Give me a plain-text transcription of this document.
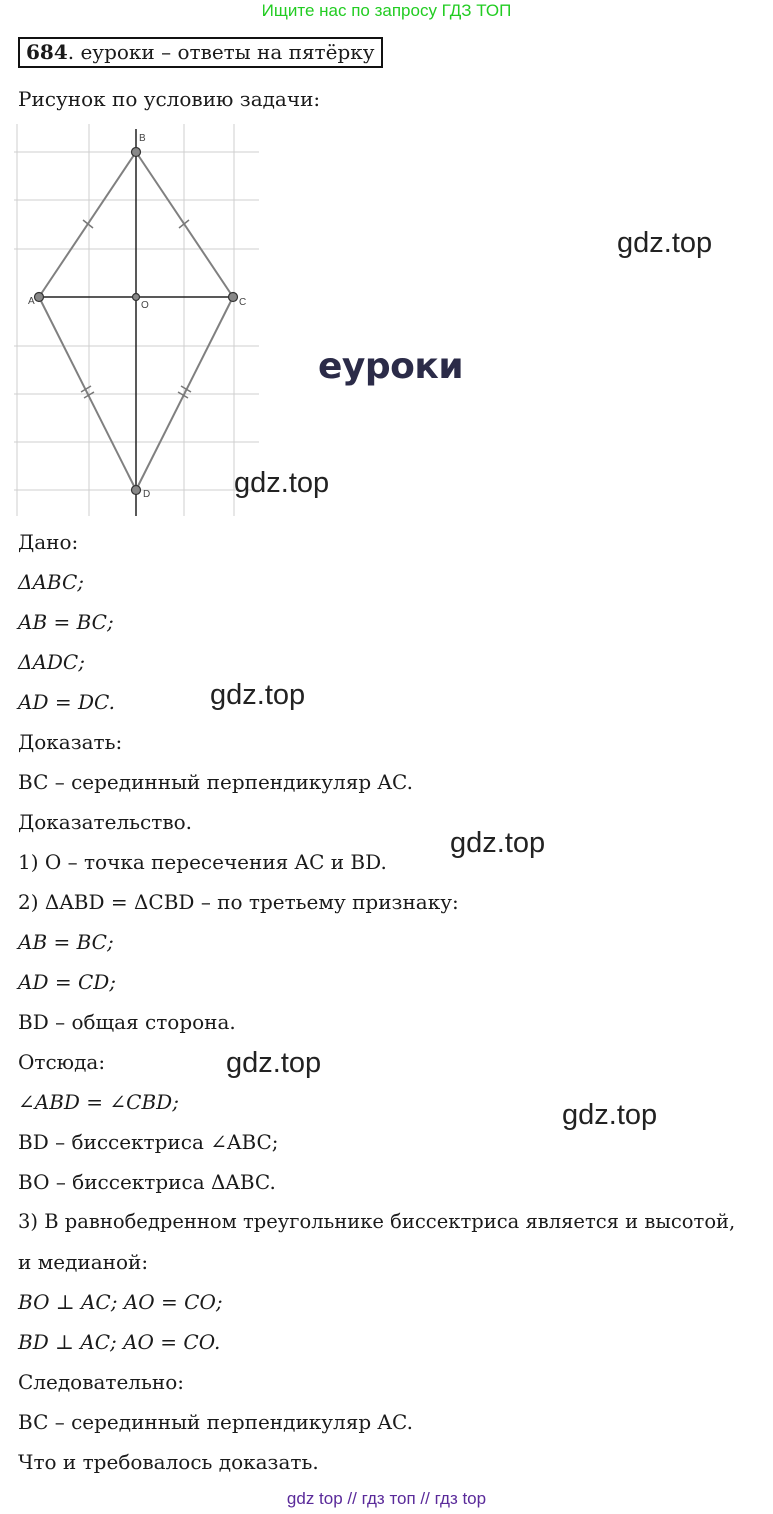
Ищите нас по запросу ГДЗ ТОП
684. еуроки – ответы на пятёрку
Рисунок по условию задачи:
B
A	O	C
D
еуроки
gdz.top
gdz.top
gdz.top
gdz.top
gdz.top
gdz.top
Дано:
ΔABC;
AB = BC;
ΔADC;
AD = DC.
Доказать:
BC – серединный перпендикуляр AC.
Доказательство.
1) O – точка пересечения AC и BD.
2) ΔABD = ΔCBD – по третьему признаку:
AB = BC;
AD = CD;
BD – общая сторона.
Отсюда:
∠ABD = ∠CBD;
BD – биссектриса ∠ABC;
BO – биссектриса ΔABC.
3) В равнобедренном треугольнике биссектриса является и высотой,
и медианой:
BO ⊥ AC; AO = CO;
BD ⊥ AC; AO = CO.
Следовательно:
BC – серединный перпендикуляр AC.
Что и требовалось доказать.
gdz top // гдз топ // гдз top
